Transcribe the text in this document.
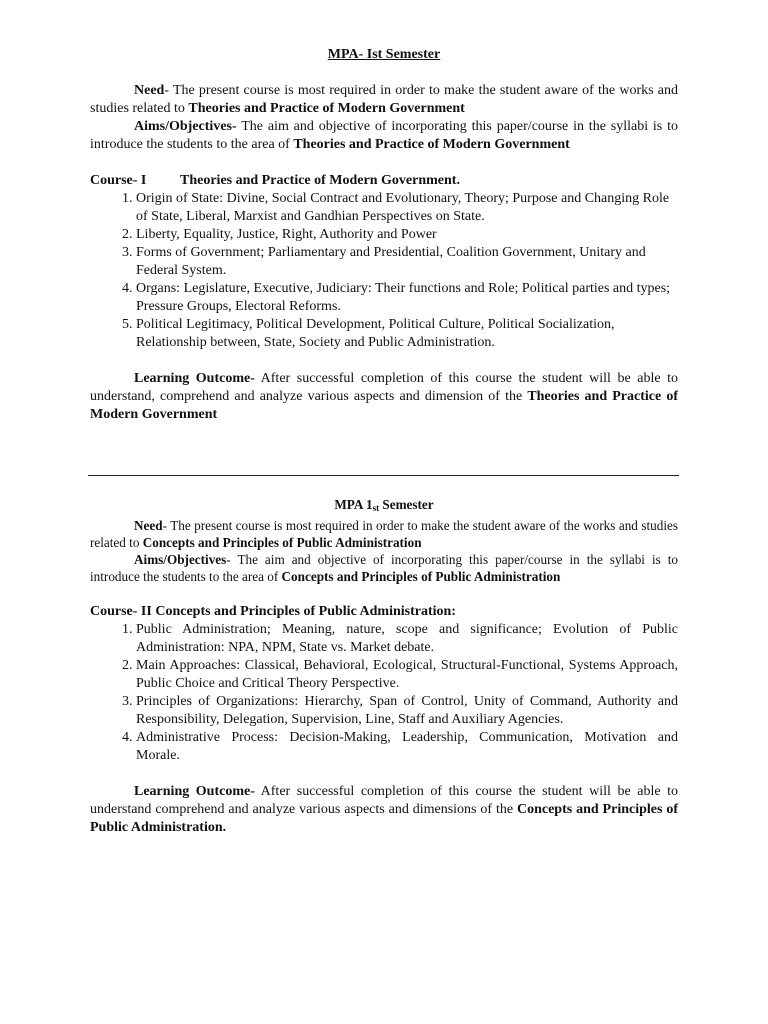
MPA- Ist Semester

Need- The present course is most required in order to make the student aware of the works and studies related to Theories and Practice of Modern Government

Aims/Objectives- The aim and objective of incorporating this paper/course in the syllabi is to introduce the students to the area of Theories and Practice of Modern Government

Course- I Theories and Practice of Modern Government.
1. Origin of State: Divine, Social Contract and Evolutionary, Theory; Purpose and Changing Role of State, Liberal, Marxist and Gandhian Perspectives on State.
2. Liberty, Equality, Justice, Right, Authority and Power
3. Forms of Government; Parliamentary and Presidential, Coalition Government, Unitary and Federal System.
4. Organs: Legislature, Executive, Judiciary: Their functions and Role; Political parties and types; Pressure Groups, Electoral Reforms.
5. Political Legitimacy, Political Development, Political Culture, Political Socialization, Relationship between, State, Society and Public Administration.

Learning Outcome- After successful completion of this course the student will be able to understand, comprehend and analyze various aspects and dimension of the Theories and Practice of Modern Government

MPA $1_{st}$ Semester

Need- The present course is most required in order to make the student aware of the works and studies related to Concepts and Principles of Public Administration

Aims/Objectives- The aim and objective of incorporating this paper/course in the syllabi is to introduce the students to the area of Concepts and Principles of Public Administration

Course- II Concepts and Principles of Public Administration:
1. Public Administration; Meaning, nature, scope and significance; Evolution of Public Administration: NPA, NPM, State vs. Market debate.
2. Main Approaches: Classical, Behavioral, Ecological, Structural-Functional, Systems Approach, Public Choice and Critical Theory Perspective.
3. Principles of Organizations: Hierarchy, Span of Control, Unity of Command, Authority and Responsibility, Delegation, Supervision, Line, Staff and Auxiliary Agencies.
4. Administrative Process: Decision-Making, Leadership, Communication, Motivation and Morale.

Learning Outcome- After successful completion of this course the student will be able to understand comprehend and analyze various aspects and dimensions of the Concepts and Principles of Public Administration.
